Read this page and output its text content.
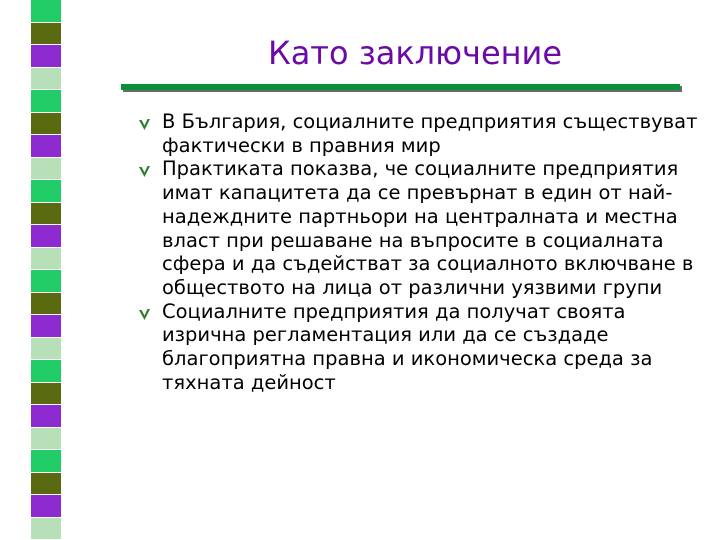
Като заключение
В България, социалните предприятия съществуват фактически в правния мир
Практиката показва, че социалните предприятия имат капацитета да се превърнат в един от най-надеждните партньори на централната и местна власт при решаване на въпросите в социалната сфера и да съдействат за социалното включване в обществото на лица от различни уязвими групи
Социалните предприятия да получат своята изрична регламентация или да се създаде благоприятна правна и икономическа среда за тяхната дейност
